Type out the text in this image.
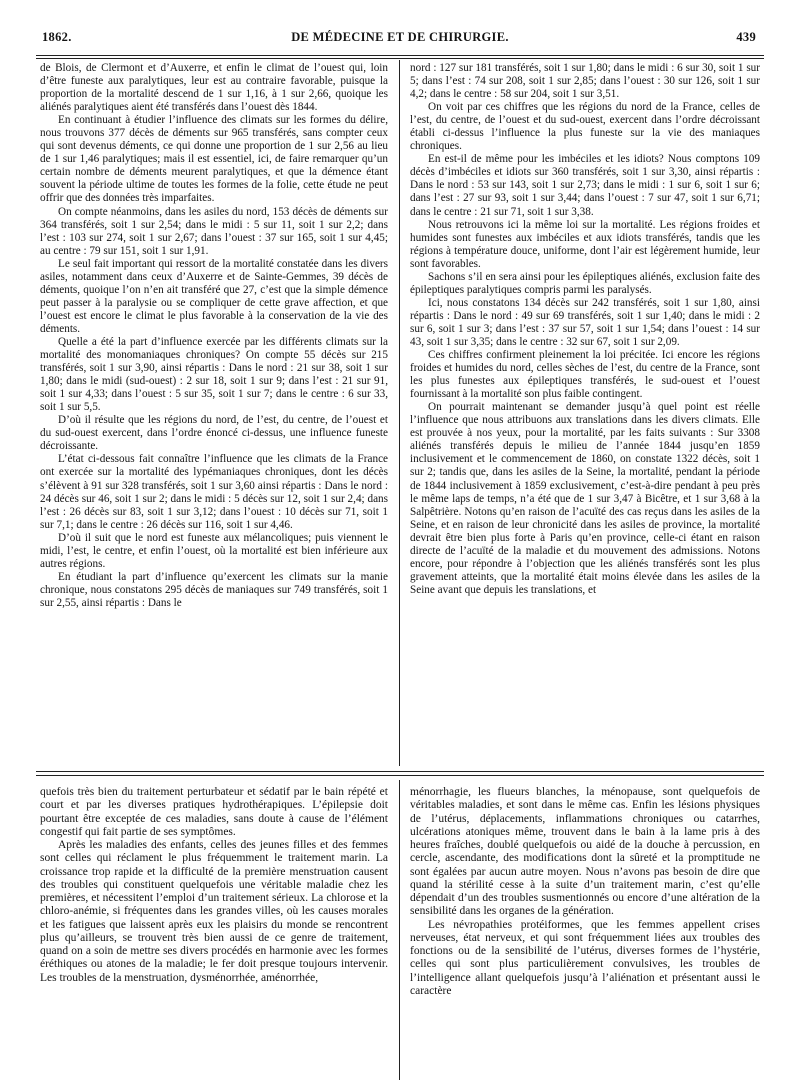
1862.	DE MÉDECINE ET DE CHIRURGIE.	439

de Blois, de Clermont et d’Auxerre, et enfin le climat de l’ouest qui, loin d’être funeste aux paralytiques, leur est au contraire favorable, puisque la proportion de la mortalité descend de 1 sur 1,16, à 1 sur 2,66, quoique les aliénés paralytiques aient été transférés dans l’ouest dès 1844.

En continuant à étudier l’influence des climats sur les formes du délire, nous trouvons 377 décès de déments sur 965 transférés, sans compter ceux qui sont devenus déments, ce qui donne une proportion de 1 sur 2,56 au lieu de 1 sur 1,46 paralytiques; mais il est essentiel, ici, de faire remarquer qu’un certain nombre de déments meurent paralytiques, et que la démence étant souvent la période ultime de toutes les formes de la folie, cette étude ne peut offrir que des données très imparfaites.

On compte néanmoins, dans les asiles du nord, 153 décès de déments sur 364 transférés, soit 1 sur 2,54; dans le midi : 5 sur 11, soit 1 sur 2,2; dans l’est : 103 sur 274, soit 1 sur 2,67; dans l’ouest : 37 sur 165, soit 1 sur 4,45; au centre : 79 sur 151, soit 1 sur 1,91.

Le seul fait important qui ressort de la mortalité constatée dans les divers asiles, notamment dans ceux d’Auxerre et de Sainte-Gemmes, 39 décès de déments, quoique l’on n’en ait transféré que 27, c’est que la simple démence peut passer à la paralysie ou se compliquer de cette grave affection, et que l’ouest est encore le climat le plus favorable à la conservation de la vie des déments.

Quelle a été la part d’influence exercée par les différents climats sur la mortalité des monomaniaques chroniques? On compte 55 décès sur 215 transférés, soit 1 sur 3,90, ainsi répartis : Dans le nord : 21 sur 38, soit 1 sur 1,80; dans le midi (sud-ouest) : 2 sur 18, soit 1 sur 9; dans l’est : 21 sur 91, soit 1 sur 4,33; dans l’ouest : 5 sur 35, soit 1 sur 7; dans le centre : 6 sur 33, soit 1 sur 5,5.

D’où il résulte que les régions du nord, de l’est, du centre, de l’ouest et du sud-ouest exercent, dans l’ordre énoncé ci-dessus, une influence funeste décroissante.

L’état ci-dessous fait connaître l’influence que les climats de la France ont exercée sur la mortalité des lypémaniaques chroniques, dont les décès s’élèvent à 91 sur 328 transférés, soit 1 sur 3,60 ainsi répartis : Dans le nord : 24 décès sur 46, soit 1 sur 2; dans le midi : 5 décès sur 12, soit 1 sur 2,4; dans l’est : 26 décès sur 83, soit 1 sur 3,12; dans l’ouest : 10 décès sur 71, soit 1 sur 7,1; dans le centre : 26 décès sur 116, soit 1 sur 4,46.

D’où il suit que le nord est funeste aux mélancoliques; puis viennent le midi, l’est, le centre, et enfin l’ouest, où la mortalité est bien inférieure aux autres régions.

En étudiant la part d’influence qu’exercent les climats sur la manie chronique, nous constatons 295 décès de maniaques sur 749 transférés, soit 1 sur 2,55, ainsi répartis : Dans le

nord : 127 sur 181 transférés, soit 1 sur 1,80; dans le midi : 6 sur 30, soit 1 sur 5; dans l’est : 74 sur 208, soit 1 sur 2,85; dans l’ouest : 30 sur 126, soit 1 sur 4,2; dans le centre : 58 sur 204, soit 1 sur 3,51.

On voit par ces chiffres que les régions du nord de la France, celles de l’est, du centre, de l’ouest et du sud-ouest, exercent dans l’ordre décroissant établi ci-dessus l’influence la plus funeste sur la vie des maniaques chroniques.

En est-il de même pour les imbéciles et les idiots? Nous comptons 109 décès d’imbéciles et idiots sur 360 transférés, soit 1 sur 3,30, ainsi répartis : Dans le nord : 53 sur 143, soit 1 sur 2,73; dans le midi : 1 sur 6, soit 1 sur 6; dans l’est : 27 sur 93, soit 1 sur 3,44; dans l’ouest : 7 sur 47, soit 1 sur 6,71; dans le centre : 21 sur 71, soit 1 sur 3,38.

Nous retrouvons ici la même loi sur la mortalité. Les régions froides et humides sont funestes aux imbéciles et aux idiots transférés, tandis que les régions à température douce, uniforme, dont l’air est légèrement humide, leur sont favorables.

Sachons s’il en sera ainsi pour les épileptiques aliénés, exclusion faite des épileptiques paralytiques compris parmi les paralysés.

Ici, nous constatons 134 décès sur 242 transférés, soit 1 sur 1,80, ainsi répartis : Dans le nord : 49 sur 69 transférés, soit 1 sur 1,40; dans le midi : 2 sur 6, soit 1 sur 3; dans l’est : 37 sur 57, soit 1 sur 1,54; dans l’ouest : 14 sur 43, soit 1 sur 3,35; dans le centre : 32 sur 67, soit 1 sur 2,09.

Ces chiffres confirment pleinement la loi précitée. Ici encore les régions froides et humides du nord, celles sèches de l’est, du centre de la France, sont les plus funestes aux épileptiques transférés, le sud-ouest et l’ouest fournissant à la mortalité son plus faible contingent.

On pourrait maintenant se demander jusqu’à quel point est réelle l’influence que nous attribuons aux translations dans les divers climats. Elle est prouvée à nos yeux, pour la mortalité, par les faits suivants : Sur 3308 aliénés transférés depuis le milieu de l’année 1844 jusqu’en 1859 inclusivement et le commencement de 1860, on constate 1322 décès, soit 1 sur 2; tandis que, dans les asiles de la Seine, la mortalité, pendant la période de 1844 inclusivement à 1859 exclusivement, c’est-à-dire pendant à peu près le même laps de temps, n’a été que de 1 sur 3,47 à Bicêtre, et 1 sur 3,68 à la Salpêtrière. Notons qu’en raison de l’acuïté des cas reçus dans les asiles de la Seine, et en raison de leur chronicité dans les asiles de province, la mortalité devrait être bien plus forte à Paris qu’en province, celle-ci étant en raison directe de l’acuïté de la maladie et du mouvement des admissions. Notons encore, pour répondre à l’objection que les aliénés transférés sont les plus gravement atteints, que la mortalité était moins élevée dans les asiles de la Seine avant que depuis les translations, et

quefois très bien du traitement perturbateur et sédatif par le bain répété et court et par les diverses pratiques hydrothérapiques. L’épilepsie doit pourtant être exceptée de ces maladies, sans doute à cause de l’élément congestif qui fait partie de ses symptômes.

Après les maladies des enfants, celles des jeunes filles et des femmes sont celles qui réclament le plus fréquemment le traitement marin. La croissance trop rapide et la difficulté de la première menstruation causent des troubles qui constituent quelquefois une véritable maladie chez les premières, et nécessitent l’emploi d’un traitement sérieux. La chlorose et la chloro-anémie, si fréquentes dans les grandes villes, où les causes morales et les fatigues que laissent après eux les plaisirs du monde se rencontrent plus qu’ailleurs, se trouvent très bien aussi de ce genre de traitement, quand on a soin de mettre ses divers procédés en harmonie avec les formes éréthiques ou atones de la maladie; le fer doit presque toujours intervenir. Les troubles de la menstruation, dysménorrhée, aménorrhée,

ménorrhagie, les flueurs blanches, la ménopause, sont quelquefois de véritables maladies, et sont dans le même cas. Enfin les lésions physiques de l’utérus, déplacements, inflammations chroniques ou catarrhes, ulcérations atoniques même, trouvent dans le bain à la lame pris à des heures fraîches, doublé quelquefois ou aidé de la douche à percussion, en cercle, ascendante, des modifications dont la sûreté et la promptitude ne sont égalées par aucun autre moyen. Nous n’avons pas besoin de dire que quand la stérilité cesse à la suite d’un traitement marin, c’est qu’elle dépendait d’un des troubles susmentionnés ou encore d’une altération de la sensibilité dans les organes de la génération.

Les névropathies protéiformes, que les femmes appellent crises nerveuses, état nerveux, et qui sont fréquemment liées aux troubles des fonctions ou de la sensibilité de l’utérus, diverses formes de l’hystérie, celles qui sont plus particulièrement convulsives, les troubles de l’intelligence allant quelquefois jusqu’à l’aliénation et présentant aussi le caractère
